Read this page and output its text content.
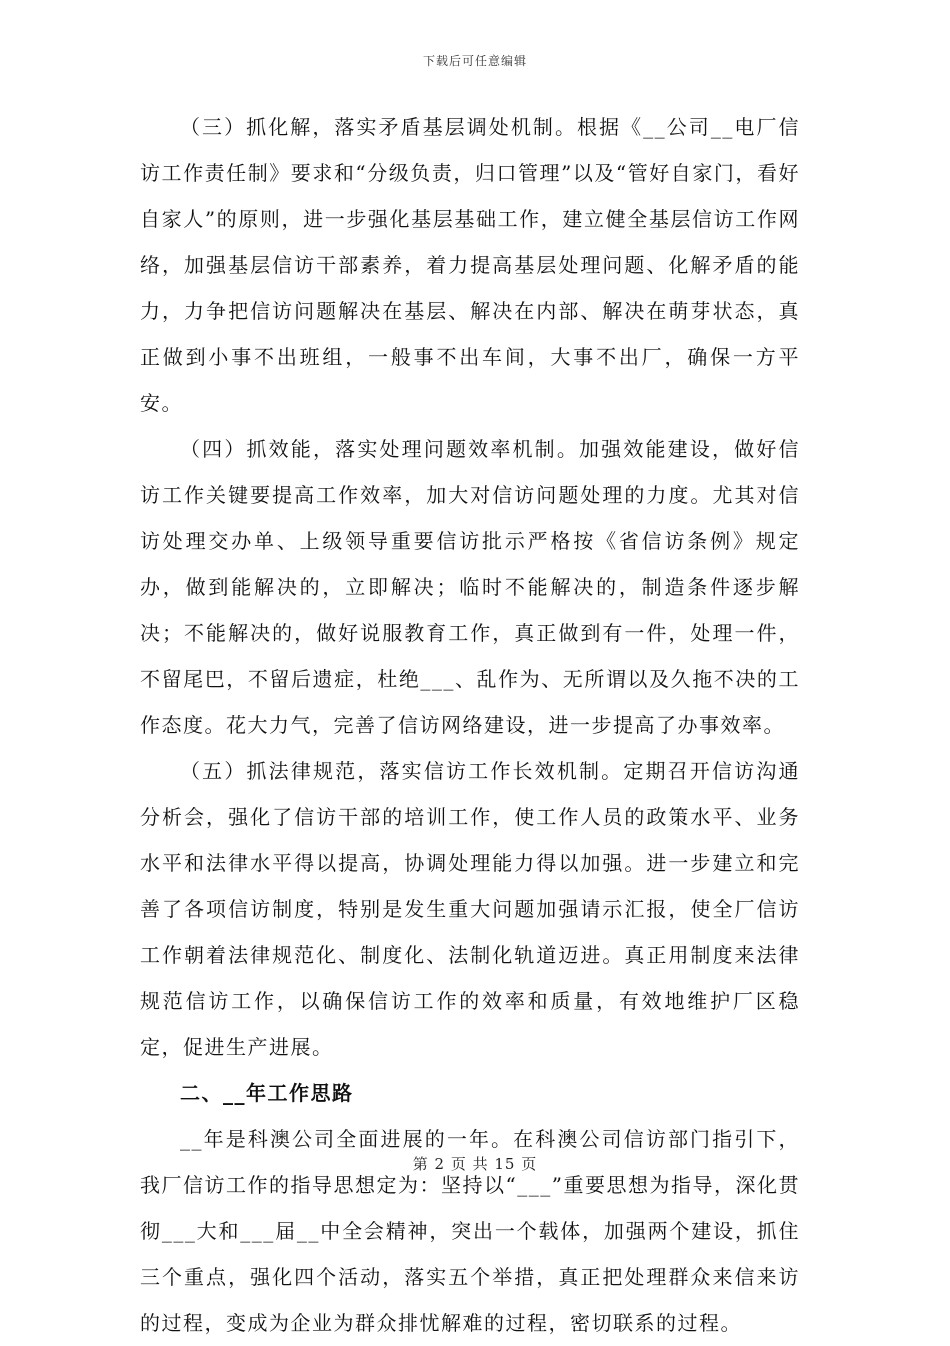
下载后可任意编辑

（三）抓化解，落实矛盾基层调处机制。根据《__公司__电厂信访工作责任制》要求和“分级负责，归口管理”以及“管好自家门，看好自家人”的原则，进一步强化基层基础工作，建立健全基层信访工作网络，加强基层信访干部素养，着力提高基层处理问题、化解矛盾的能力，力争把信访问题解决在基层、解决在内部、解决在萌芽状态，真正做到小事不出班组，一般事不出车间，大事不出厂，确保一方平安。

（四）抓效能，落实处理问题效率机制。加强效能建设，做好信访工作关键要提高工作效率，加大对信访问题处理的力度。尤其对信访处理交办单、上级领导重要信访批示严格按《省信访条例》规定办，做到能解决的，立即解决；临时不能解决的，制造条件逐步解决；不能解决的，做好说服教育工作，真正做到有一件，处理一件，不留尾巴，不留后遗症，杜绝___、乱作为、无所谓以及久拖不决的工作态度。花大力气，完善了信访网络建设，进一步提高了办事效率。

（五）抓法律规范，落实信访工作长效机制。定期召开信访沟通分析会，强化了信访干部的培训工作，使工作人员的政策水平、业务水平和法律水平得以提高，协调处理能力得以加强。进一步建立和完善了各项信访制度，特别是发生重大问题加强请示汇报，使全厂信访工作朝着法律规范化、制度化、法制化轨道迈进。真正用制度来法律规范信访工作，以确保信访工作的效率和质量，有效地维护厂区稳定，促进生产进展。

二、__年工作思路

__年是科澳公司全面进展的一年。在科澳公司信访部门指引下，我厂信访工作的指导思想定为：坚持以“___”重要思想为指导，深化贯彻___大和___届__中全会精神，突出一个载体，加强两个建设，抓住三个重点，强化四个活动，落实五个举措，真正把处理群众来信来访的过程，变成为企业为群众排忧解难的过程，密切联系的过程。

第 2 页 共 15 页
